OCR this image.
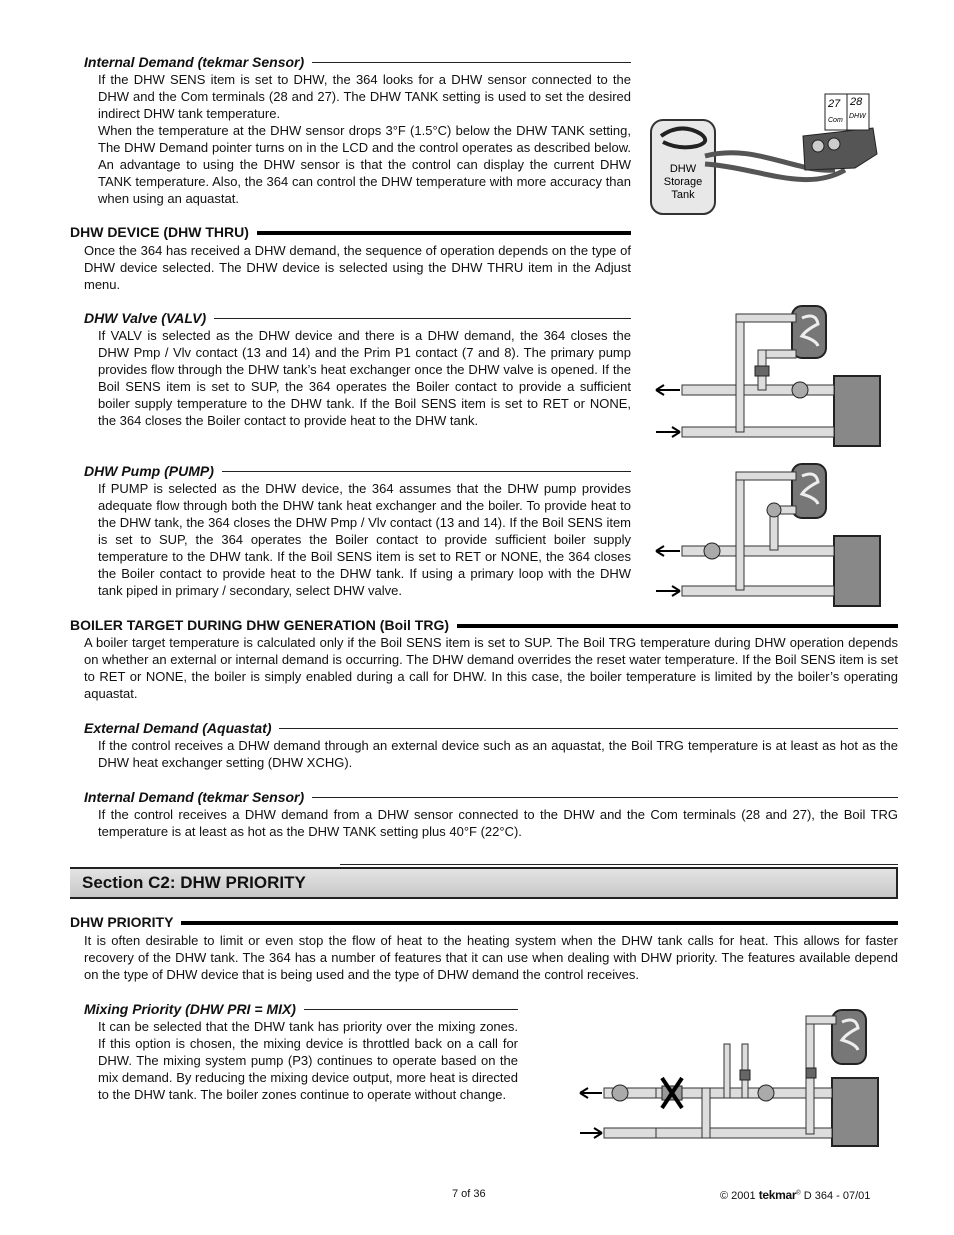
Internal Demand (tekmar Sensor)

If the DHW SENS item is set to DHW, the 364 looks for a DHW sensor connected to the DHW and the Com terminals (28 and 27). The DHW TANK setting is used to set the desired indirect DHW tank temperature.

When the temperature at the DHW sensor drops 3°F (1.5°C) below the DHW TANK setting, The DHW Demand pointer turns on in the LCD and the control operates as described below. An advantage to using the DHW sensor is that the control can display the current DHW TANK temperature. Also, the 364 can control the DHW temperature with more accuracy than when using an aquastat.

27 28
Com
DHW
DHW
Storage
Tank
DHW DEVICE (DHW THRU)

Once the 364 has received a DHW demand, the sequence of operation depends on the type of DHW device selected. The DHW device is selected using the DHW THRU item in the Adjust menu.

DHW Valve (VALV)

If VALV is selected as the DHW device and there is a DHW demand, the 364 closes the DHW Pmp / Vlv contact (13 and 14) and the Prim P1 contact (7 and 8). The primary pump provides flow through the DHW tank’s heat exchanger once the DHW valve is opened. If the Boil SENS item is set to SUP, the 364 operates the Boiler contact to provide a sufficient boiler supply temperature to the DHW tank. If the Boil SENS item is set to RET or NONE, the 364 closes the Boiler contact to provide heat to the DHW tank.

DHW Pump (PUMP)

If PUMP is selected as the DHW device, the 364 assumes that the DHW pump provides adequate flow through both the DHW tank heat exchanger and the boiler. To provide heat to the DHW tank, the 364 closes the DHW Pmp / Vlv contact (13 and 14). If the Boil SENS item is set to SUP, the 364 operates the Boiler contact to provide sufficient boiler supply temperature to the DHW tank. If the Boil SENS item is set to RET or NONE, the 364 closes the Boiler contact to provide heat to the DHW tank. If using a primary loop with the DHW tank piped in primary / secondary, select DHW valve.

BOILER TARGET DURING DHW GENERATION (Boil TRG)

A boiler target temperature is calculated only if the Boil SENS item is set to SUP. The Boil TRG temperature during DHW operation depends on whether an external or internal demand is occurring. The DHW demand overrides the reset water temperature. If the Boil SENS item is set to RET or NONE, the boiler is simply enabled during a call for DHW. In this case, the boiler temperature is limited by the boiler’s operating aquastat.

External Demand (Aquastat)

If the control receives a DHW demand through an external device such as an aquastat, the Boil TRG temperature is at least as hot as the DHW heat exchanger setting (DHW XCHG).

Internal Demand (tekmar Sensor)

If the control receives a DHW demand from a DHW sensor connected to the DHW and the Com terminals (28 and 27), the Boil TRG temperature is at least as hot as the DHW TANK setting plus 40°F (22°C).

Section C2: DHW PRIORITY
DHW PRIORITY

It is often desirable to limit or even stop the flow of heat to the heating system when the DHW tank calls for heat. This allows for faster recovery of the DHW tank. The 364 has a number of features that it can use when dealing with DHW priority. The features available depend on the type of DHW device that is being used and the type of DHW demand the control receives.

Mixing Priority (DHW PRI = MIX)

It can be selected that the DHW tank has priority over the mixing zones. If this option is chosen, the mixing device is throttled back on a call for DHW. The mixing system pump (P3) continues to operate based on the mix demand. By reducing the mixing device output, more heat is directed to the DHW tank. The boiler zones continue to operate without change.

7 of 36	© 2001 tekmar® D 364 - 07/01
